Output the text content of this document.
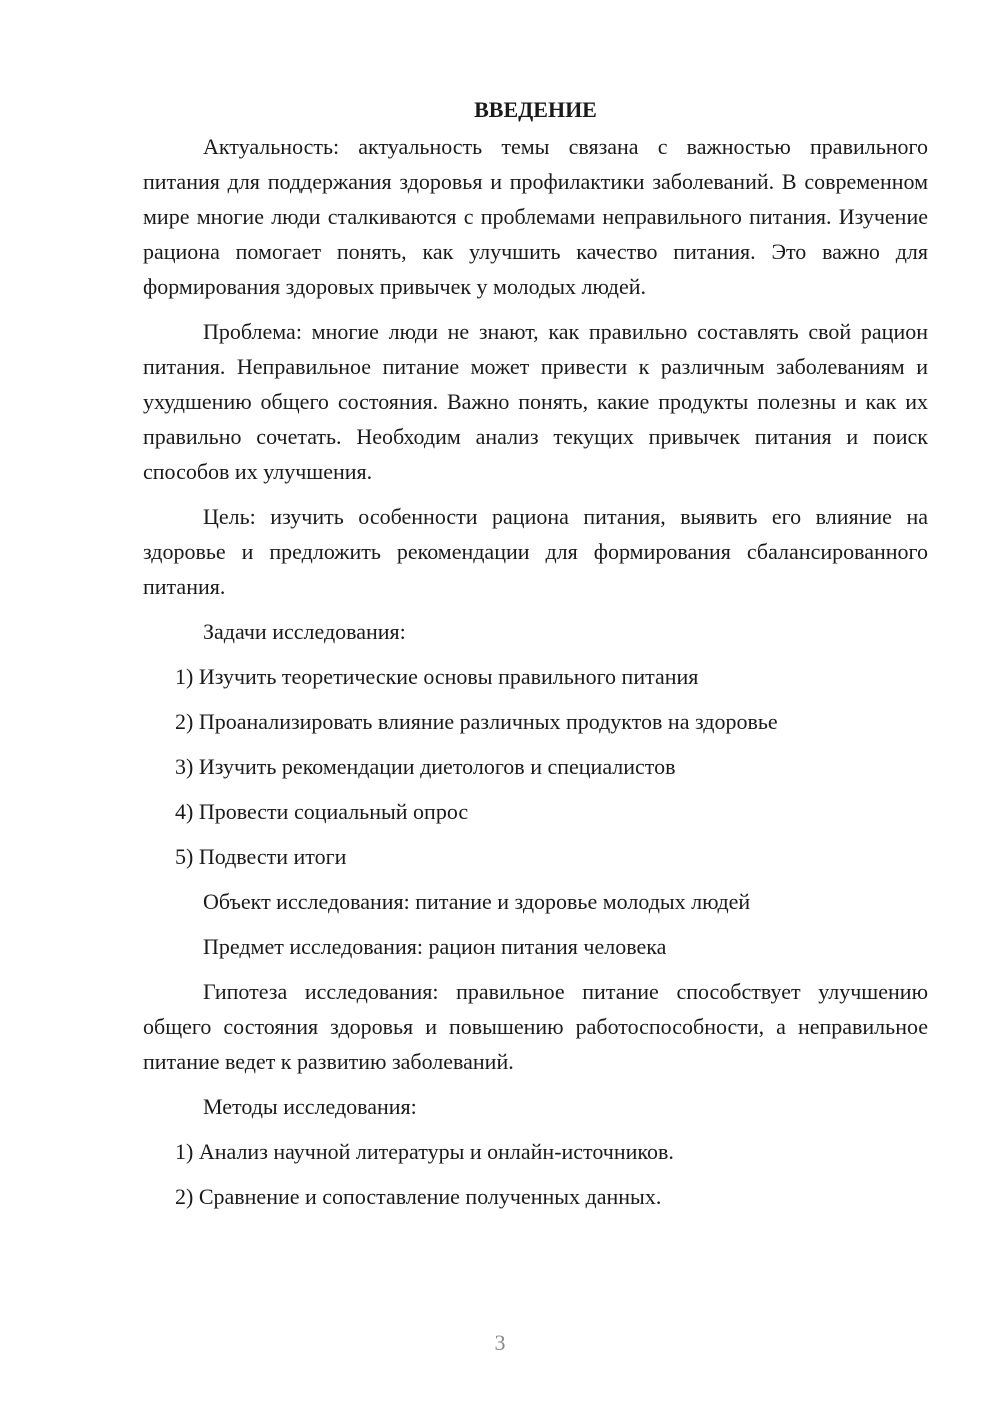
ВВЕДЕНИЕ

Актуальность: актуальность темы связана с важностью правильного питания для поддержания здоровья и профилактики заболеваний. В современном мире многие люди сталкиваются с проблемами неправильного питания. Изучение рациона помогает понять, как улучшить качество питания. Это важно для формирования здоровых привычек у молодых людей.

Проблема: многие люди не знают, как правильно составлять свой рацион питания. Неправильное питание может привести к различным заболеваниям и ухудшению общего состояния. Важно понять, какие продукты полезны и как их правильно сочетать. Необходим анализ текущих привычек питания и поиск способов их улучшения.

Цель: изучить особенности рациона питания, выявить его влияние на здоровье и предложить рекомендации для формирования сбалансированного питания.

Задачи исследования:

1) Изучить теоретические основы правильного питания

2) Проанализировать влияние различных продуктов на здоровье

3) Изучить рекомендации диетологов и специалистов

4) Провести социальный опрос

5) Подвести итоги

Объект исследования: питание и здоровье молодых людей

Предмет исследования: рацион питания человека

Гипотеза исследования: правильное питание способствует улучшению общего состояния здоровья и повышению работоспособности, а неправильное питание ведет к развитию заболеваний.

Методы исследования:

1) Анализ научной литературы и онлайн-источников.

2) Сравнение и сопоставление полученных данных.

3
